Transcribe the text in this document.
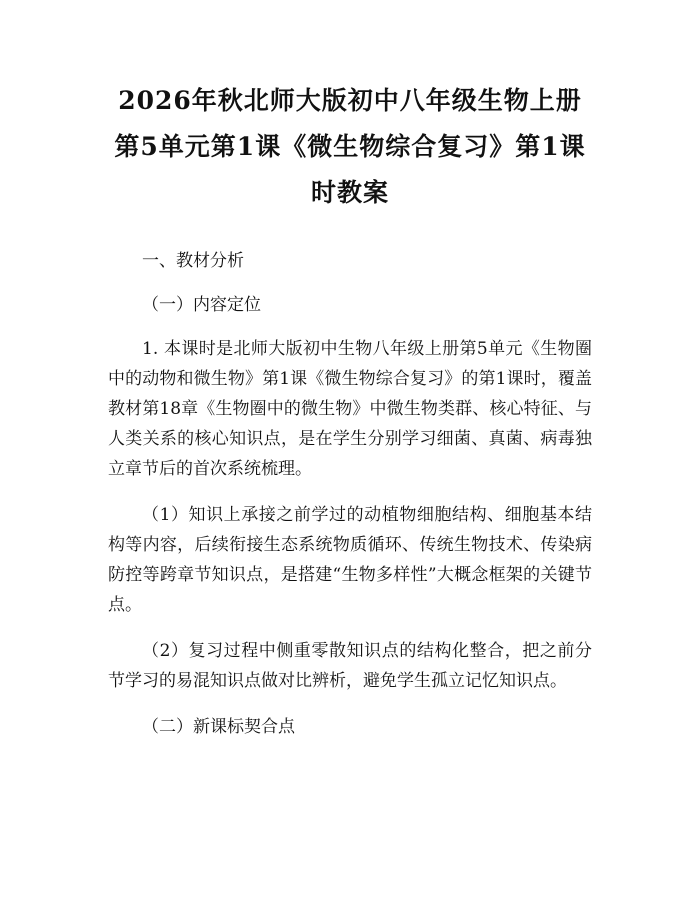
2026年秋北师大版初中八年级生物上册第5单元第1课《微生物综合复习》第1课时教案

一、教材分析

（一）内容定位

1. 本课时是北师大版初中生物八年级上册第5单元《生物圈中的动物和微生物》第1课《微生物综合复习》的第1课时，覆盖教材第18章《生物圈中的微生物》中微生物类群、核心特征、与人类关系的核心知识点，是在学生分别学习细菌、真菌、病毒独立章节后的首次系统梳理。

（1）知识上承接之前学过的动植物细胞结构、细胞基本结构等内容，后续衔接生态系统物质循环、传统生物技术、传染病防控等跨章节知识点，是搭建“生物多样性”大概念框架的关键节点。

（2）复习过程中侧重零散知识点的结构化整合，把之前分节学习的易混知识点做对比辨析，避免学生孤立记忆知识点。

（二）新课标契合点
